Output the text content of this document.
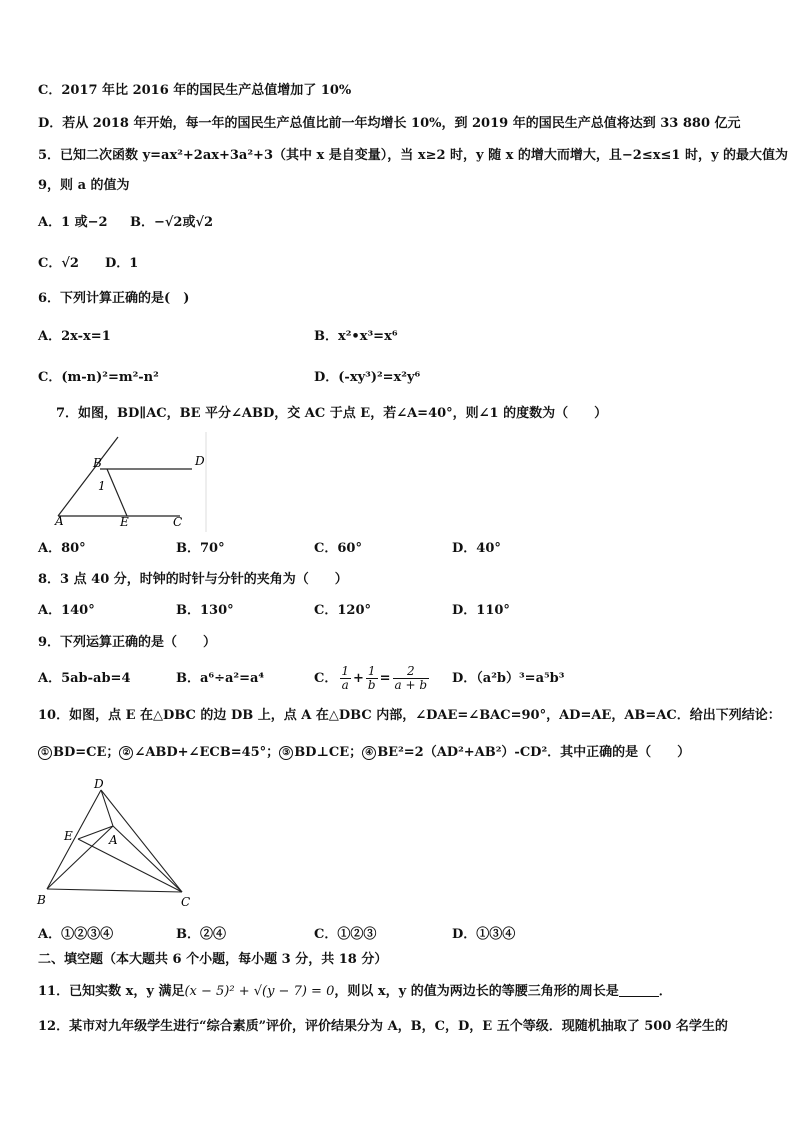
C．2017 年比 2016 年的国民生产总值增加了 10%
D．若从 2018 年开始，每一年的国民生产总值比前一年均增长 10%，到 2019 年的国民生产总值将达到 33 880 亿元
5．已知二次函数 y=ax²+2ax+3a²+3（其中 x 是自变量），当 x≥2 时，y 随 x 的增大而增大，且−2≤x≤1 时，y 的最大值为
9，则 a 的值为
A．1 或−2 B．−√2或√2
C．√2 D．1
6．下列计算正确的是(　)
A．2x-x=1	B．x²•x³=x⁶
C．(m-n)²=m²-n²	D．(-xy³)²=x²y⁶
7．如图，BD∥AC，BE 平分∠ABD，交 AC 于点 E，若∠A=40°，则∠1 的度数为（　　）
B	D
1
A	E	C
A．80°	B．70°	C．60°	D．40°
8．3 点 40 分，时钟的时针与分针的夹角为（　　）
A．140°	B．130°	C．120°	D．110°
9．下列运算正确的是（　　）
A．5ab-ab=4	B．a⁶÷a²=a⁴	C． $\frac{1}{a} + \frac{1}{b} = \frac{2}{a + b}$ D．（a²b）³=a⁵b³
10．如图，点 E 在△DBC 的边 DB 上，点 A 在△DBC 内部，∠DAE=∠BAC=90°，AD=AE，AB=AC．给出下列结论：
① BD=CE； ② ∠ABD+∠ECB=45°； ③ BD⊥CE； ④ BE²=2（AD²+AB²）-CD²．其中正确的是（　　）
D
E	A
B	C
A．①②③④	B．②④	C．①②③	D．①③④
二、填空题（本大题共 6 个小题，每小题 3 分，共 18 分）
11．已知实数 x，y 满足(x − 5)² + √(y − 7) = 0，则以 x，y 的值为两边长的等腰三角形的周长是	．
12．某市对九年级学生进行“综合素质”评价，评价结果分为 A，B，C，D，E 五个等级．现随机抽取了 500 名学生的
